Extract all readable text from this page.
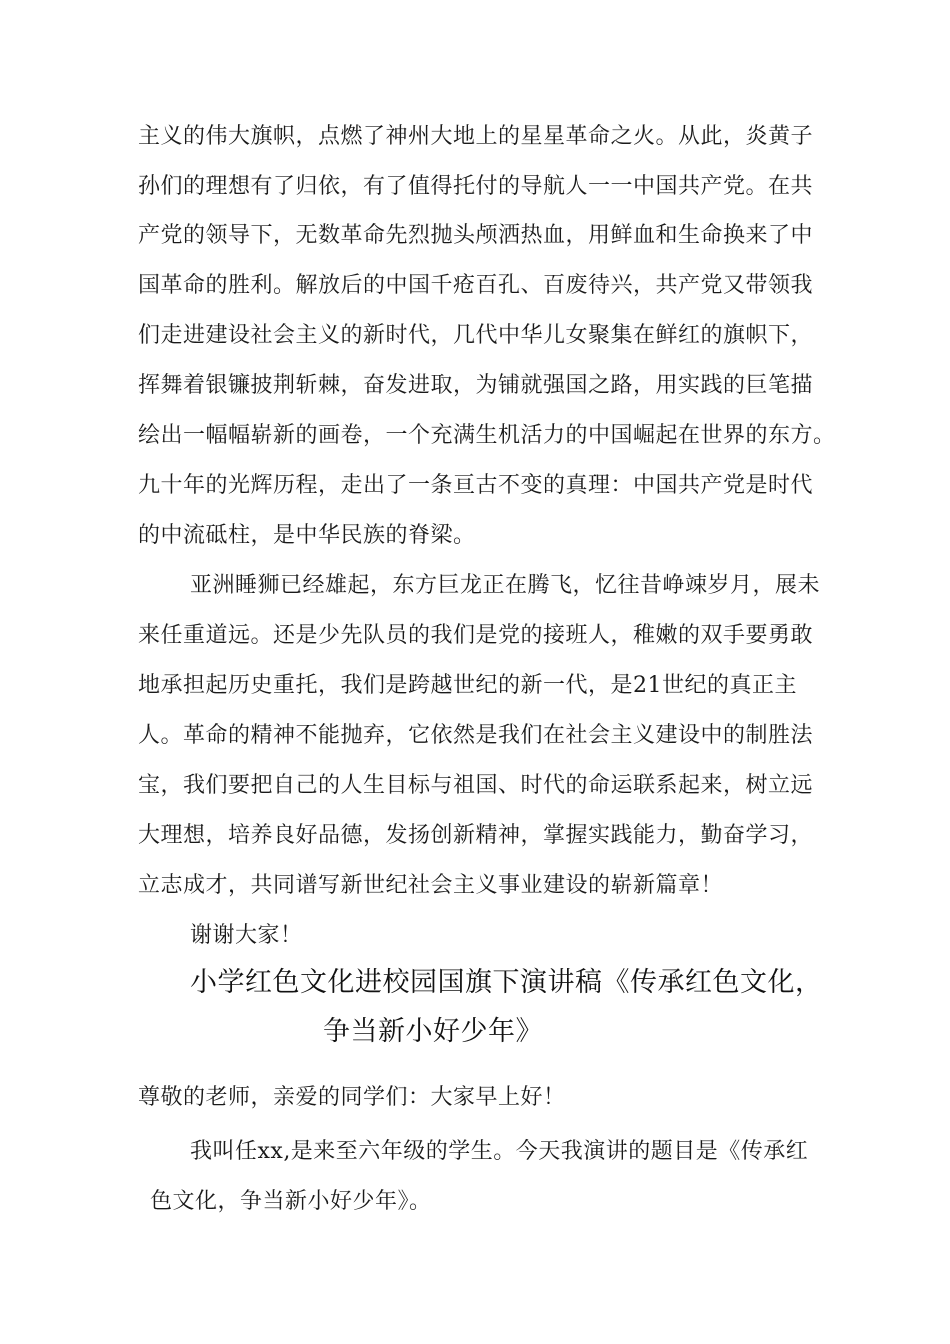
主义的伟大旗帜，点燃了神州大地上的星星革命之火。从此，炎黄子
孙们的理想有了归依，有了值得托付的导航人一一中国共产党。在共
产党的领导下，无数革命先烈抛头颅洒热血，用鲜血和生命换来了中
国革命的胜利。解放后的中国千疮百孔、百废待兴，共产党又带领我
们走进建设社会主义的新时代，几代中华儿女聚集在鲜红的旗帜下，
挥舞着银镰披荆斩棘，奋发进取，为铺就强国之路，用实践的巨笔描
绘出一幅幅崭新的画卷，一个充满生机活力的中国崛起在世界的东方。
九十年的光辉历程，走出了一条亘古不变的真理：中国共产党是时代
的中流砥柱，是中华民族的脊梁。
亚洲睡狮已经雄起，东方巨龙正在腾飞，忆往昔峥竦岁月，展未
来任重道远。还是少先队员的我们是党的接班人，稚嫩的双手要勇敢
地承担起历史重托，我们是跨越世纪的新一代，是21世纪的真正主
人。革命的精神不能抛弃，它依然是我们在社会主义建设中的制胜法
宝，我们要把自己的人生目标与祖国、时代的命运联系起来，树立远
大理想，培养良好品德，发扬创新精神，掌握实践能力，勤奋学习，
立志成才，共同谱写新世纪社会主义事业建设的崭新篇章！
谢谢大家！
小学红色文化进校园国旗下演讲稿《传承红色文化，
争当新小好少年》
尊敬的老师，亲爱的同学们：大家早上好！
我叫任xx,是来至六年级的学生。今天我演讲的题目是《传承红
色文化，争当新小好少年》。
